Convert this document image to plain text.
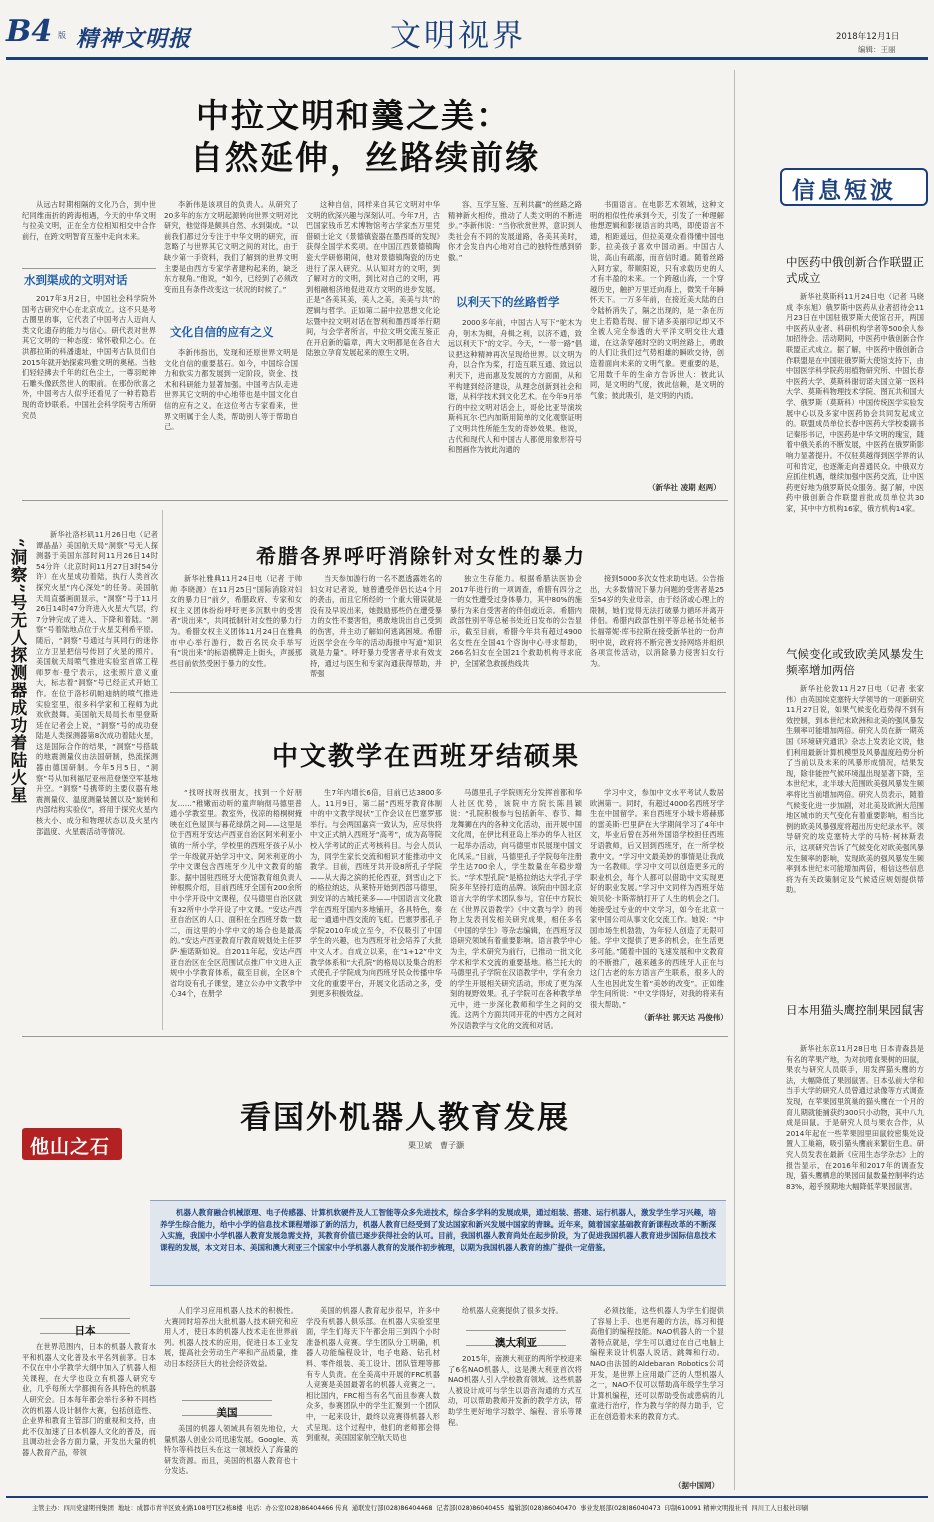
B4 版 精神文明报	文明视界	2018年12月1日
编辑：王丽
中拉文明和羹之美：
自然延伸，丝路续前缘
从远古时期相隔的文化乃合，到中世纪同维南折的跨海相遇，今天的中华文明与拉美文明，正在全方位相知相交中合作前行，在跨文明智育互鉴中走向未来。
水到渠成的文明对话
2017年3月2日，中国社会科学院外国考古研究中心在北京成立。这不只是考古圈里的事，它代表了中国考古人迈向人类文化遗存的能力与信心。研代表对世界其它文明的一种态度：常怀敬仰之心。在洪都拉斯的科潘遗址，中国考古队员们自2015年就开始探索玛雅文明的奥秘。当他们轻轻拂去千年的红色尘土，一尊羽蛇神石雕头像跃然世人的眼前。在那份欣喜之外，中国考古人似乎还看见了一种若隐若现的奇妙联系。中国社会科学院考古所研究员
李新伟是该项目的负责人。从研究了20多年的东方文明起源转向世界文明对比研究，他觉得是颇具自然、水到渠成。“以前我们都过分专注于中华文明的研究，而忽略了与世界其它文明之间的对比，由于缺少第一手资料，我们了解到的世界文明主要是由西方专家学者建构起来的，缺乏东方视角。”他说，“如今，已经到了必须改变而且有条件改变这一状况的时候了。”
文化自信的应有之义
李新伟指出，发现和还原世界文明是文化自信的重要基石。如今，中国综合国力和软实力都发展到一定阶段，资金、技术和科研能力显著加强。中国考古队走进世界其它文明的中心地带也是中国文化自信的应有之义。在这位考古专家看来，世界文明属于全人类，帮助别人等于帮助自己。
这种自信，同样来自其它文明对中华文明的欣深兴趣与深刻认可。今年7月，古巴国家钱币艺术博物馆考古学家杰万里凭借硕士论文《景德镇瓷器在墨西哥的发现》获得全国学术奖项。在中国江西景德镇陶瓷大学研修期间，他对景德镇陶瓷的历史进行了深入研究。从认知对方的文明，到了解对方的文明，到比对自己的文明，再到相融相济地促进双方文明的进步发展。正是“各美其美，美人之美，美美与共”的逻辑与哲学。正如第二届中拉思想文化论坛暨中拉文明对话在智利和墨西哥举行期间，与会学者所言，中拉文明交流互鉴正在开启新的篇章，两大文明都是在各自大陆独立孕育发展起来的原生文明。
容、互学互鉴、互利共赢”的丝路之路精神新火相传，推动了人类文明的不断进步。”李新伟说：“当你欣赏世界，意识到人类社会有不同的发展道路，各美其美时，你才会发自内心地对自己的独特性感到骄傲。”
以利天下的丝路哲学
2000多年前，中国古人写下“驼木为舟，刳木为楫，舟楫之利，以济不通，致远以利天下”的文字。今天，“一带一路”倡议把这种精神再次呈现给世界。以文明为舟，以合作为桨，打造互联互通、致远以利天下，进而惠及发展的方方面面，从和平构建到经济建设，从理念创新到社会和谐，从科学技术到文化艺术。在今年9月举行的中拉文明对话会上，哥伦比亚导演埃斯科瓦尔·巴内加斯用简单的文化观察证明了文明共性所能生发的奇妙效果。他说，古代和现代人和中国古人都使用象形符号和图画作为彼此沟通的
书面语言。在电影艺术领域，这种文明的相似性传承到今天，引发了一种理解他想逻辑和影视语言的共鸣，即使语言不通，相距遥远，但拉美观众看得懂中国电影，拉美孩子喜欢中国动画。中国古人说，高山有疏溺，而音信时通。随着丝路入阿方家，带顺阳说，只有求载历史的人才有丰盈的未来。一个跨越山海，一个穿越历史，触护万里迁向海上，微笑千年瞬怀天下。一万多年前，在接近美大陆的白令陆桥消失了，隔之出现的，是一条在历史上若隐若现、留下诸多美丽印记却又不全被人完全参透的大平洋文明交往大通道，在这条穿越时空的文明丝路上，勇敢的人们让我们过气势相雄的瞬欧交待，创造着面向未来的文明气象。更重要的是，它用数千年的生命方告诉世人：彼此认同，是文明的气度，彼此信赖，是文明的气象；彼此吸引，是文明的内质。
（新华社 凌期 赵两）
信息短波
中医药中俄创新合作联盟正式成立
新华社莫斯科11月24日电（记者 马晓成 李东旭）俄罗斯中医药从业者招待会11月23日在中国驻俄罗斯大使馆召开，两国中医药从业者、科研机构学者等500余人参加招待会。活动期间，中医药中俄创新合作联盟正式成立。据了解，中医药中俄创新合作联盟是在中国驻俄罗斯大使馆支持下，由中国医学科学院药用植物研究所、中国长春中医药大学、莫斯科谢切诺夫国立第一医科大学、莫斯科物理技术学院、图瓦共和国大学、俄罗斯（莫斯科）中国传统医学实验发展中心以及多家中医药协会共同发起成立的。联盟成员单位长春中医药大学校委副书记秦彤书记，中医药是中华文明的瑰宝，随着中俄关系的不断发展，中医药在俄罗斯影响力显著提升。不仅驻莫越得到医学界的认可和肯定，也逐渐走向普通民众。中俄双方应抓住机遇，继续加强中医药交流，让中医药更好地为俄罗斯民众服务。据了解，中医药中俄创新合作联盟首批成员单位共30家，其中中方机构16家，俄方机构14家。
气候变化或致欧美风暴发生频率增加两倍
新华社伦敦11月27日电（记者 张家伟）由英国埃克塞特大学领导的一项新研究11月27日说，如果气候变化趋势得不到有效控制，到本世纪末欧洲和北美的强风暴发生频率可能增加两倍。研究人员在新一期英国《环境研究通讯》杂志上发表论文说，他们利用最新计算机模型及风暴温度趋势分析了当前以及未来的风暴形成情况，结果发现，除非能控气候环境温出现显著下降，至本世纪末，北半球大范围欧美强风暴发生频率将比当前增加两倍。研究人员表示，随着气候变化进一步加剧，对北美及欧洲大范围地区城市的天气变化有着重要影响，相当比例的欧美风暴强度将超出历史纪录水平。领导研究的埃克塞特大学的马特·柯林斯表示，这项研究告诉了气候变化对欧美强风暴发生频率的影响，发现欧美的强风暴发生频率到本世纪末可能增加两倍，相信这些信息将为有关政策制定及气候适应规划提供帮助。
日本用猫头鹰控制果园鼠害
新华社东京11月28日电 日本青森县是有名的苹果产地，为对抗啃食果树的田鼠，果农与研究人员联手，用发挥猫头鹰的方法，大幅降低了果园鼠害。日本弘前大学和当手大学的研究人员曾通过录像等方式调查发现，在苹果园里筑巢的猫头鹰在一个月的育儿期就能捕获约300只小动物，其中八九成是田鼠。于是研究人员与果农合作，从2014年起在一些苹果园里田鼠较密集处设置人工巢箱，吸引猫头鹰前来繁衍生息。研究人员发表在最新《应用生态学杂志》上的报告显示，在2016年和2017年的调查发现，猫头鹰栖息的果园田鼠数量控制率约达83%，超乎预期地大幅降低苹果园鼠害。
“洞察”号无人探测器成功着陆火星
新华社洛杉矶11月26日电（记者 谭晶晶）美国航天局“洞察”号无人探测器于美国东部时间11月26日14时54分许（北京时间11月27日3时54分许）在火星成功着陆，执行人类首次探究火星“内心深处”的任务。美国航天局直播画面显示，“洞察”号于11月26日14时47分许进入火星大气层，约7分钟完成了进入、下降和着陆。“洞察”号着陆地点位于火星艾利希平原。随后，“洞察”号通过与其同行的迷你立方卫星把信号传回了火星的照片。美国航天局喷气推进实验室首席工程师罗布·曼宁表示，这张照片意义重大，标志着“洞察”号已经正式开始工作。在位于洛杉矶帕迪纳的喷气推进实验室里，很多科学家和工程师为此欢欣鼓舞。美国航天局局长布里登斯廷在记者会上说，“洞察”号的成功登陆是人类探测器第8次成功着陆火星，这是国际合作的结果，“洞察”号搭载的地震测量仪由法国研制，热流探测器由德国研制。今年5月5日，“洞察”号从加利福尼亚州范登堡空军基地升空。“洞察”号携带的主要仪器有地震测量仪、温度测量装置以及“旋转和内部结构实验仪”，将用于探究火星内核大小、成分和物理状态以及火星内部温度、火星震活动等情况。
希腊各界呼吁消除针对女性的暴力
新华社雅典11月24日电（记者 于帅帅 李晓源）在11月25日“国际消除对妇女的暴力日”前夕，希腊政府、专家和女权主义团体纷纷呼吁更多沉默中的受害者“说出来”，共同抵制针对女性的暴力行为。希腊女权主义团体11月24日在雅典市中心举行游行，数百名民众手举写有“说出来”的标语横牌走上街头，声援那些目前依然受困于暴力的女性。
当天参加游行的一名不愿透露姓名的妇女对记者说，她曾遭受伴侣长达4个月的袭击，而且它所经的一个重大错误就是没有及早说出来，她鼓励那些仍在遭受暴力的女性不要害怕，勇敢地说出自己受到的伤害，并主动了解如何逃离困境。希腊近医学会在今年的活动海报中写道“知识就是力量”。呼吁暴力受害者寻求有效支持，通过与医生和专家沟通获得帮助，并帮强
独立生存能力。根据希腊法医协会2017年进行的一项调查，希腊有四分之一的女性遭受过身体暴力，其中80%的施暴行为来自受害者的伴侣或近亲。希腊内政部性别平等总秘书处近日发布的公告显示，截至目前，希腊今年共有超过4900名女性在全国41个咨询中心寻求帮助，266名妇女在全国21个救助机构寻求庇护，全国紧急救援热线共
接到5000多次女性求助电话。公告指出，大多数情况下暴力问题的受害者是25至54岁的失业母亲，由于经济或心理上的限制，她们觉得无法打破暴力循环并离开伴侣。希腊内政部性别平等总秘书处秘书长福蒂妮·库韦拉斯在接受新华社的一份声明中说，政府将不断完善支持网络并组织各项宣传活动，以消除暴力侵害妇女行为。
中文教学在西班牙结硕果
“找呀找呀找朋友，找到一个好朋友……”稚嫩而动听的童声响彻马德里普通小学教室里。教室外，伐凉的梧桐树掩映在红色屋顶与暮花绿荫之间——这里是位于西班牙安达卢西亚自治区阿米利亚小镇的一所小学，学校里的西班牙孩子从小学一年级就开始学习中文。阿米利亚的小学中文课包含西班牙少儿中文教育的缩影。据中国驻西班牙大使馆教育组负责人钟根熙介绍，目前西班牙全国有200余所中小学开设中文课程，仅马德里自治区就有32所中小学开设了中文课。“安达卢西亚自治区的人口、面积在全西班牙数一数二，而这里的小学中文的场合也是最高的。”安达卢西亚教育厅教育规划处主任罗萨·施诺斯如说。自2011年起，安达卢西亚自治区在全区范围试点推广中文进入正规中小学教育体系，截至目前，全区8个省均设有孔子课堂，建立公办中文教学中心34个，在册学
生7年内增长6倍，目前已达3800多人。11月9日，第二届“西班牙教育体制中的中文教学现状”工作会议在巴塞罗那举行。与会两国嘉宾一致认为，应尽快将中文正式纳入西班牙“高考”，成为高等院校入学考试的正式考核科目。与会人员认为，同学生家长交流和相识才能推动中文教学。目前，西班牙共开设8所孔子学院——从大海之滨的托伦西亚，到雪山之下的格拉纳达，从莱特开始到西部马德里，到安详的古城托莱多——中国语言文化教学在西班牙国内多地铺开，各具特色，奏起一通通中西交流的飞虹。巴塞罗那孔子学院2010年成立至今，不仅吸引了中国学生的兴趣，也为西班牙社会培养了大批中文人才。自成立以来，在“1+12”中文教学体系和“大孔院”的格局以及集合的形式使孔子学院成为向西班牙民众传播中华文化的重要平台，开展文化活动之多，受到更多积极效益。
马德里孔子学院则充分发挥首都和华人社区优势，该院中方院长陈昌颖说：“孔院积极参与包括新年、春节、舞龙舞狮在内的各种文化活动，而开展中国文化周，在伊比利亚岛上举办的华人社区一起举办活动，向马德里市民展现中国文化风采。”目前，马德里孔子学院每年注册学生达700余人，学生数量在年稳步增长。“学术型孔院”是格拉纳达大学孔子学院多年坚持打造的品牌。该院由中国北京语言大学的学术团队参与，官任中方院长在《世界汉语教学》《中文教与学》的刊物上发表刊发相关研究成果，相任多名《中国的学生》等杂志编辑，在西班牙汉语研究领域有着重要影响。语言教学中心为主，学术研究为前行，已推动一批文化学术和学术交流的重要基地。格兰托大的马德里孔子学院在汉语教学中，学有余力的学生开展相关研究活动，形成了更为深刻的视野效果。孔子学院可在各种教学单元中，进一步深化教师和学生之间的交流。这两个方面共同开花的中西方之间对外汉语教学与文化的交流和对话。
学习中文，参加中文水平考试人数居欧洲第一。同时，有超过4000名西班牙学生在中国留学。来自西班牙小城卡塔赫那的雷美斯·巴里萨在大学期间学习了4年中文，毕业后曾在苏州外国语学校担任西班牙语教师，后又回到西班牙，在一所学校教中文。“学习中文最美妙的事情是让我成为一名教师。学习中文可以创造更多元的职业机会，每个人都可以借助中文实现更好的职业发展。”学习中文同样为西班牙姑娘贝伦·卡斯蒂纳打开了人生的机会之门。她接受过专业的中文学习，如今在北京一家中国公司从事文化交流工作。她说：“中国市场生机勃勃，为年轻人创造了无限可能。学中文提供了更多的机会，在生活更多可能。”随着中国的飞速发展和中文教育的不断推广，越来越多的西班牙人正在与这门古老的东方语言产生联系，很多人的人生也因此发生着“美妙的改变”。正如维学生问所说：“中文学得好，对我的将来有很大帮助。”
（新华社 郭天达 冯俊伟）
他山之石
看国外机器人教育发展
栗卫斌　曹子灏
机器人教育融合机械原理、电子传感器、计算机软硬件及人工智能等众多先进技术，综合多学科的发展成果，通过组装、搭建、运行机器人，激发学生学习兴趣，培养学生综合能力，给中小学的信息技术课程增添了新的活力，机器人教育已经受到了发达国家和新兴发展中国家的青睐。近年来，随着国家基础教育新课程改革的不断深入实施，我国中小学机器人教育发展急需支持，其教育价值已逐步获得社会的认可。目前，我国机器人教育尚处在起步阶段，为了促进我国机器人教育进步国际信息技术课程的发展，本文对日本、美国和澳大利亚三个国家中小学机器人教育的发展作初步梳理，以期为我国机器人教育的推广提供一定借鉴。
日本
在世界范围内，日本的机器人教育水平和机器人文化普及水平名列前茅。日本不仅在中小学教学大纲中加入了机器人相关课程，在大学也设立有机器人研究专业，几乎每所大学都拥有各具特色的机器人研究会。日本每年都会举行多种不同档次的机器人设计制作大赛，包括创造性、企业界和教育主管部门的重视和支持，由此不仅加速了日本机器人文化的普及，而且调动社会各方面力量，开发出大量的机器人教育产品，带领
人们学习应用机器人技术的积极性。大赛同时培养出大批机器人技术研究和应用人才，使日本的机器人技术走在世界前列。机器人技术的应用，促进日本工业发展，提高社会劳动生产率和产品质量，推动日本经济巨大的社会经济效益。
美国
美国的机器人领域具有领先地位，大量机器人创业公司迅速发展。Google、英特尔等科技巨头在这一领域投入了海量的研发资源。而且，美国的机器人教育也十分发达。
美国的机器人教育起步很早，许多中学没有机器人俱乐部。在机器人实验室里面，学生们每天下午都会用三到四个小时准备机器人竞赛。学生团队分工明确，机器人功能编程设计，电子电路、钻孔材料、零件组装、美工设计、团队管理等都有专人负责。在全美高中开展的FRC机器人竞赛是美国最著名的机器人竞赛之一。相比国内，FRC相当有名气而且参赛人数众多，参赛团队中的学生汇聚到一个团队中，一起来设计，最终以竞赛得机器人形式呈现。这个过程中，他们的老师都会得到重视，美国国家航空航天局也
给机器人竞赛提供了很多支持。
澳大利亚
2015年，南澳大利亚的两所学校迎来了6名NAO机器人，这是澳大利亚首次将NAO机器人引入学校教育领域。这些机器人被设计成可与学生以语音沟通的方式互动，可以帮助教师开发新的教学方法，帮助学生更好地学习数学、编程、音乐等课程。
必须技能，这些机器人为学生们提供了容易上手、也更有趣的方法，练习和提高他们的编程技能。NAO机器人的一个显著特点就是，学生可以通过在自己电脑上编程来设计机器人说话、跳舞和行动。NAO由法国的Aldebaran Robotics公司开发，是世界上应用最广泛的人型机器人之一，NAO不仅可以帮助高年级学生学习计算机编程，还可以帮助受伤或患病的儿童进行治疗，作为教与学的得力助手，它正在创造着未来的教育方式。
（据中国网）
主管主办：四川党建期刊集团 地址：成都市青羊区致业路108号T区2栋8楼 电话：办公室(028)86404466 传真 通联发行部(028)86404468 记者部(028)86040455 编辑部(028)86040470 事业发展部(028)86040473 印制610091 精神文明报社刊 四川工人日报社印刷
